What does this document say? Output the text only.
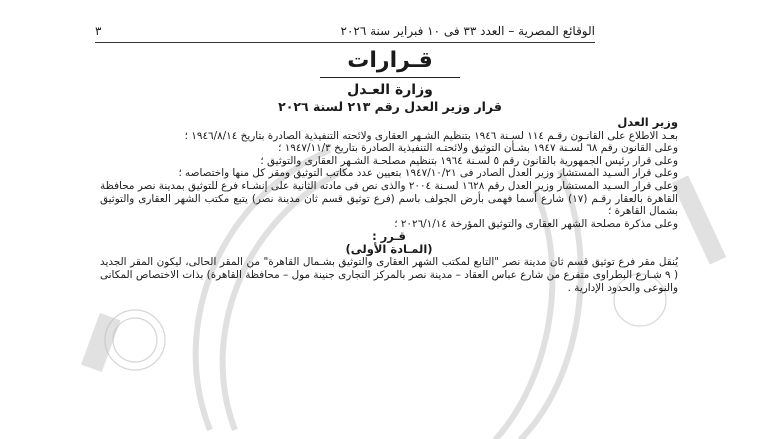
الوقائع المصرية – العدد ٣٣ فى ١٠ فبراير سنة ٢٠٢٦
٣
قـرارات
وزارة العـدل
قرار وزير العدل رقم ٢١٣ لسنة ٢٠٢٦

وزير العدل

بعـد الاطلاع على القانـون رقـم ١١٤ لسـنة ١٩٤٦ بتنظيم الشـهر العقارى ولائحته التنفيذية الصادرة بتاريخ ١٩٤٦/٨/١٤ ؛

وعلى القانون رقم ٦٨ لسـنة ١٩٤٧ بشـأن التوثيق ولائحتـه التنفيذية الصادرة بتاريخ ١٩٤٧/١١/٣ ؛

وعلى قرار رئيس الجمهورية بالقانون رقم ٥ لسـنة ١٩٦٤ بتنظيم مصلحـة الشـهر العقارى والتوثيق ؛

وعلى قرار السـيد المستشار وزير العدل الصادر فى ١٩٤٧/١٠/٢١ بتعيين عدد مكاتب التوثيق ومقر كل منها واختصاصه ؛

وعلى قرار السـيد المستشار وزير العدل رقم ١٦٢٨ لسـنة ٢٠٠٤ والذى نص فى مادته الثانية على إنشـاء فرع للتوثيق بمدينة نصر محافظة القاهرة بالعقار رقـم (١٧) شارع أسما فهمى بأرض الجولف باسم (فرع توثيق قسم ثان مدينة نصر) يتبع مكتب الشهر العقارى والتوثيق بشمال القاهرة ؛

وعلى مذكرة مصلحة الشهر العقارى والتوثيق المؤرخة ٢٠٢٦/١/١٤ ؛

قـرر :

(المـادة الأولى)

يُنقل مقر فرع توثيق قسم ثان مدينة نصر "التابع لمكتب الشهر العقارى والتوثيق بشـمال القاهرة" من المقر الحالى، ليكون المقر الجديد ( ٩ شـارع البطراوى متفرع من شارع عباس العقاد – مدينة نصر بالمركز التجارى جنينة مول – محافظة القاهرة) بذات الاختصاص المكانى والنوعى والحدود الإدارية .
